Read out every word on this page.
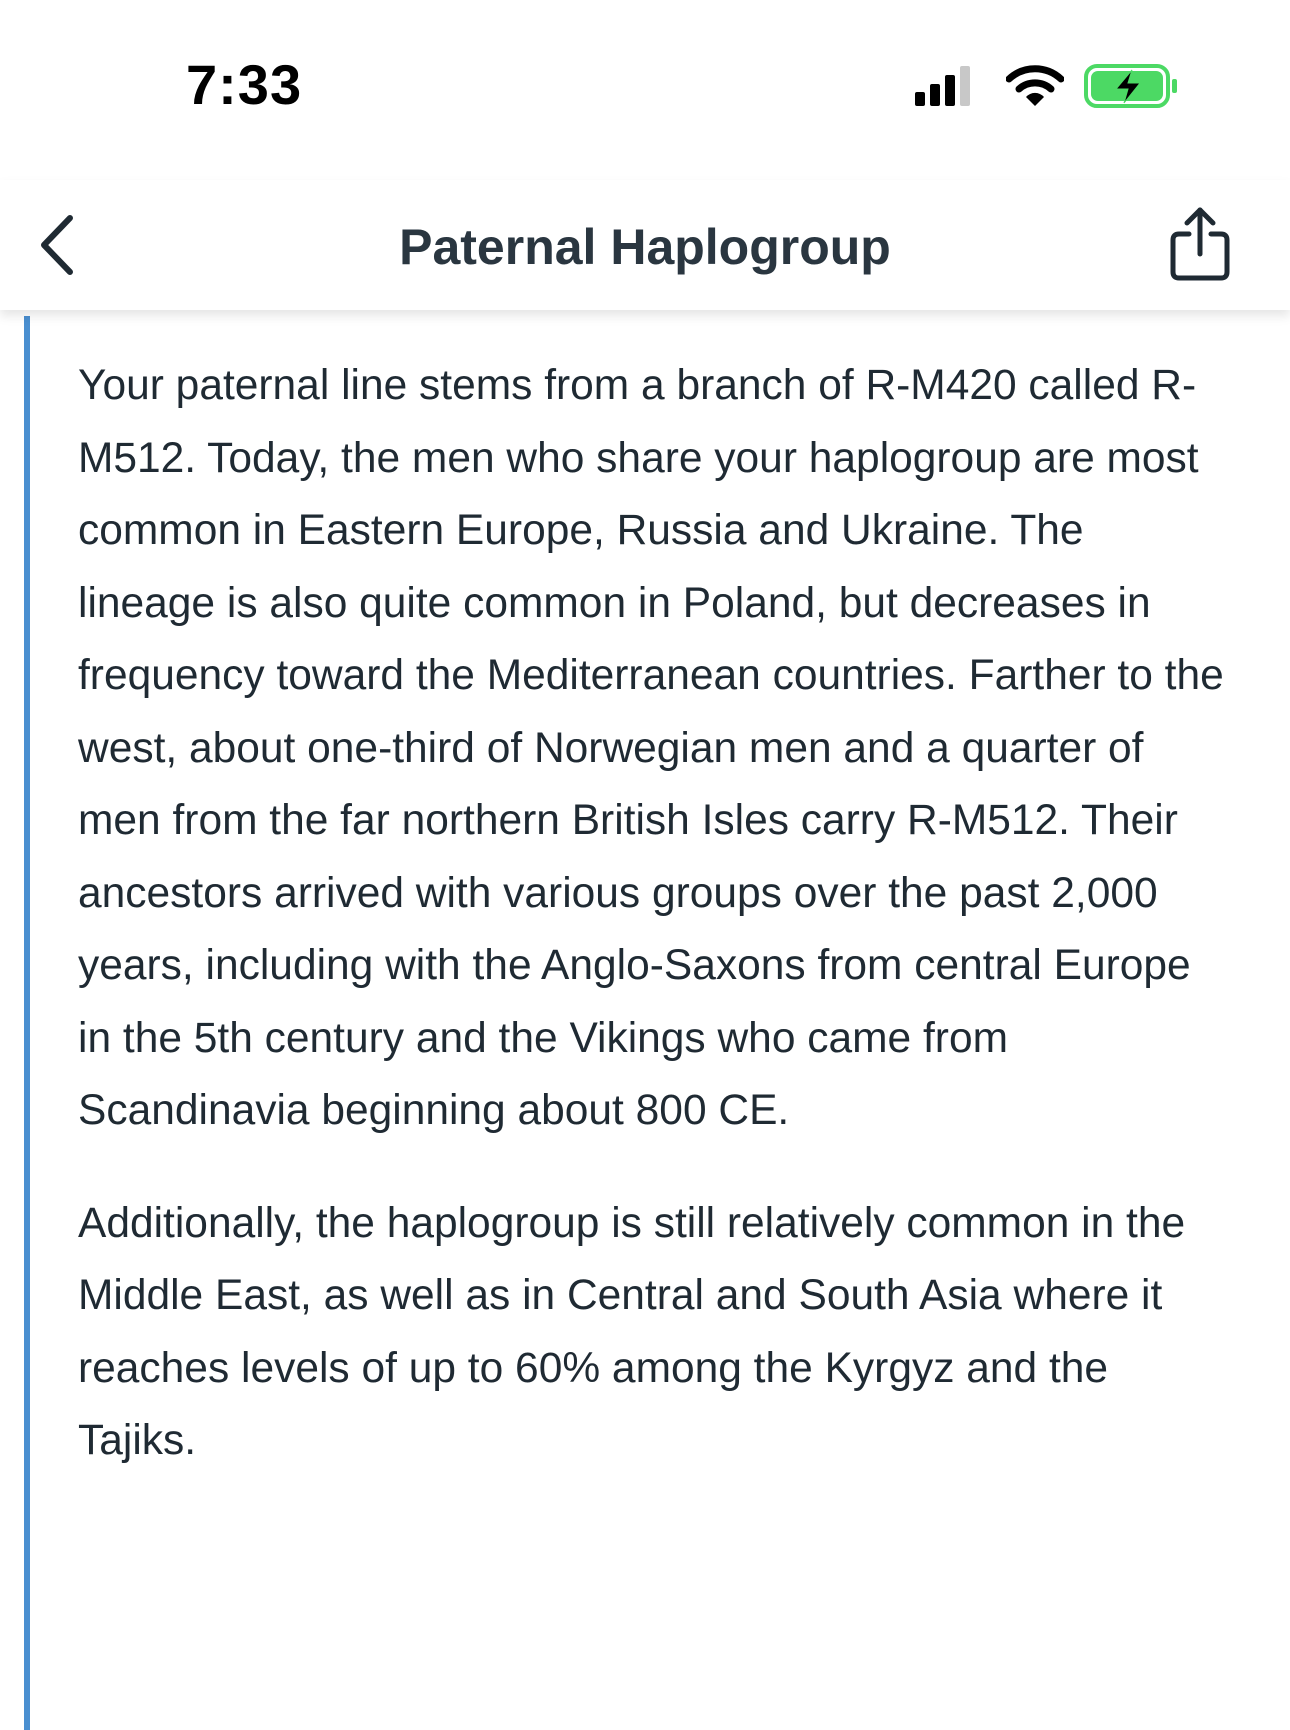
7:33
Paternal Haplogroup

Your paternal line stems from a branch of R-M420 called R-M512. Today, the men who share your haplogroup are most common in Eastern Europe, Russia and Ukraine. The lineage is also quite common in Poland, but decreases in frequency toward the Mediterranean countries. Farther to the west, about one-third of Norwegian men and a quarter of men from the far northern British Isles carry R-M512. Their ancestors arrived with various groups over the past 2,000 years, including with the Anglo-Saxons from central Europe in the 5th century and the Vikings who came from Scandinavia beginning about 800 CE.

Additionally, the haplogroup is still relatively common in the Middle East, as well as in Central and South Asia where it reaches levels of up to 60% among the Kyrgyz and the Tajiks.
